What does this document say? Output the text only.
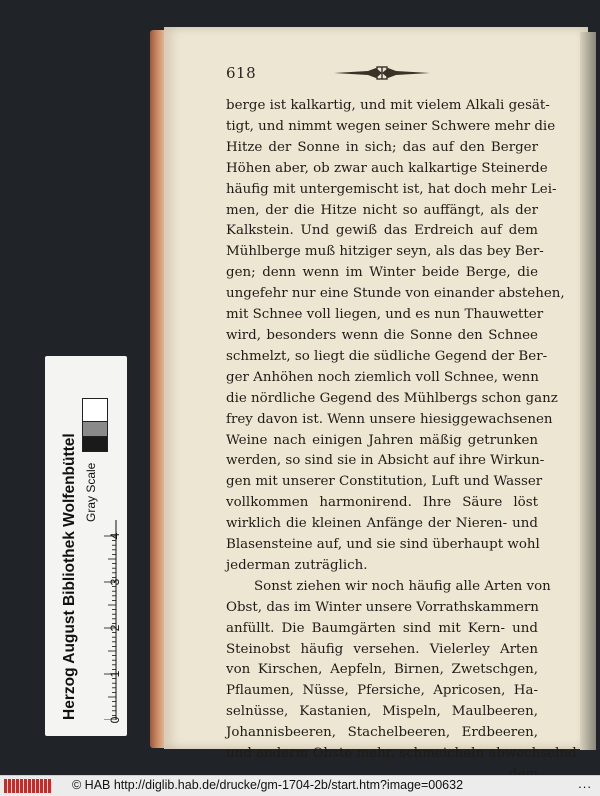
618
berge ist kalkartig, und mit vielem Alkali gesät-
tigt, und nimmt wegen seiner Schwere mehr die
Hitze der Sonne in sich; das auf den Berger
Höhen aber, ob zwar auch kalkartige Steinerde
häufig mit untergemischt ist, hat doch mehr Lei-
men, der die Hitze nicht so auffängt, als der
Kalkstein. Und gewiß das Erdreich auf dem
Mühlberge muß hitziger seyn, als das bey Ber-
gen; denn wenn im Winter beide Berge, die
ungefehr nur eine Stunde von einander abstehen,
mit Schnee voll liegen, und es nun Thauwetter
wird, besonders wenn die Sonne den Schnee
schmelzt, so liegt die südliche Gegend der Ber-
ger Anhöhen noch ziemlich voll Schnee, wenn
die nördliche Gegend des Mühlbergs schon ganz
frey davon ist. Wenn unsere hiesiggewachsenen
Weine nach einigen Jahren mäßig getrunken
werden, so sind sie in Absicht auf ihre Wirkun-
gen mit unserer Constitution, Luft und Wasser
vollkommen harmonirend. Ihre Säure löst
wirklich die kleinen Anfänge der Nieren- und
Blasensteine auf, und sie sind überhaupt wohl
jederman zuträglich.
Sonst ziehen wir noch häufig alle Arten von
Obst, das im Winter unsere Vorrathskammern
anfüllt. Die Baumgärten sind mit Kern- und
Steinobst häufig versehen. Vielerley Arten
von Kirschen, Aepfeln, Birnen, Zwetschgen,
Pflaumen, Nüsse, Pfersiche, Apricosen, Ha-
selnüsse, Kastanien, Mispeln, Maulbeeren,
Johannisbeeren, Stachelbeeren, Erdbeeren,
und anderm Obste mehr, schmeicheln abwechselnd
Herzog August Bibliothek Wolfenbüttel Gray Scale
0
1
2
3
4
© HAB http://diglib.hab.de/drucke/gm-1704-2b/start.htm?image=00632	...
